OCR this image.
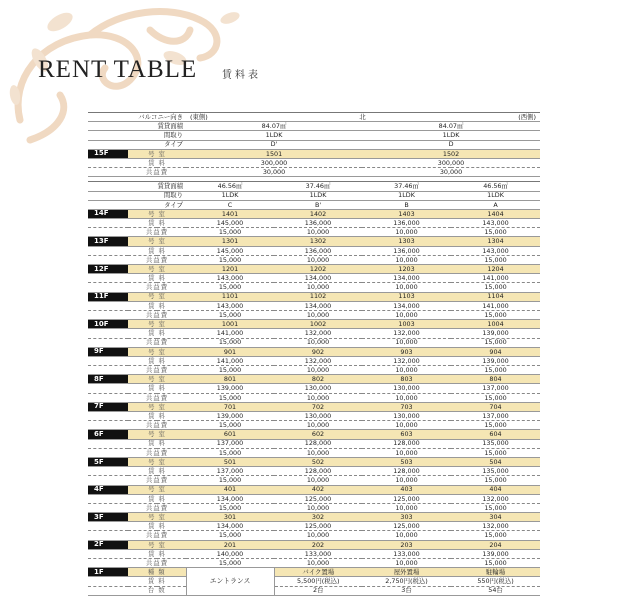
RENT TABLE 賃料表
バルコニー向き		(東側)	北		(西側)
賃貸面積		84.07㎡		84.07㎡	
間取り		1LDK		1LDK	
タイプ		D'		D	
15F	号 室	1501		1502	
	賃 料	300,000		300,000	
	共益費	30,000		30,000	

賃貸面積		46.56㎡	37.46㎡	37.46㎡	46.56㎡
間取り		1LDK	1LDK	1LDK	1LDK
タイプ		C	B'	B	A
14F	号 室	1401	1402	1403	1404
	賃 料	145,000	136,000	136,000	143,000
	共益費	15,000	10,000	10,000	15,000
13F	号 室	1301	1302	1303	1304
	賃 料	145,000	136,000	136,000	143,000
	共益費	15,000	10,000	10,000	15,000
12F	号 室	1201	1202	1203	1204
	賃 料	143,000	134,000	134,000	141,000
	共益費	15,000	10,000	10,000	15,000
11F	号 室	1101	1102	1103	1104
	賃 料	143,000	134,000	134,000	141,000
	共益費	15,000	10,000	10,000	15,000
10F	号 室	1001	1002	1003	1004
	賃 料	141,000	132,000	132,000	139,000
	共益費	15,000	10,000	10,000	15,000
9F	号 室	901	902	903	904
	賃 料	141,000	132,000	132,000	139,000
	共益費	15,000	10,000	10,000	15,000
8F	号 室	801	802	803	804
	賃 料	139,000	130,000	130,000	137,000
	共益費	15,000	10,000	10,000	15,000
7F	号 室	701	702	703	704
	賃 料	139,000	130,000	130,000	137,000
	共益費	15,000	10,000	10,000	15,000
6F	号 室	601	602	603	604
	賃 料	137,000	128,000	128,000	135,000
	共益費	15,000	10,000	10,000	15,000
5F	号 室	501	502	503	504
	賃 料	137,000	128,000	128,000	135,000
	共益費	15,000	10,000	10,000	15,000
4F	号 室	401	402	403	404
	賃 料	134,000	125,000	125,000	132,000
	共益費	15,000	10,000	10,000	15,000
3F	号 室	301	302	303	304
	賃 料	134,000	125,000	125,000	132,000
	共益費	15,000	10,000	10,000	15,000
2F	号 室	201	202	203	204
	賃 料	140,000	133,000	133,000	139,000
	共益費	15,000	10,000	10,000	15,000
1F	種 類	エントランス	バイク置場	屋外置場	駐輪場
	賃 料		5,500円(税込)	2,750円(税込)	550円(税込)
	台 数		2台	3台	54台
